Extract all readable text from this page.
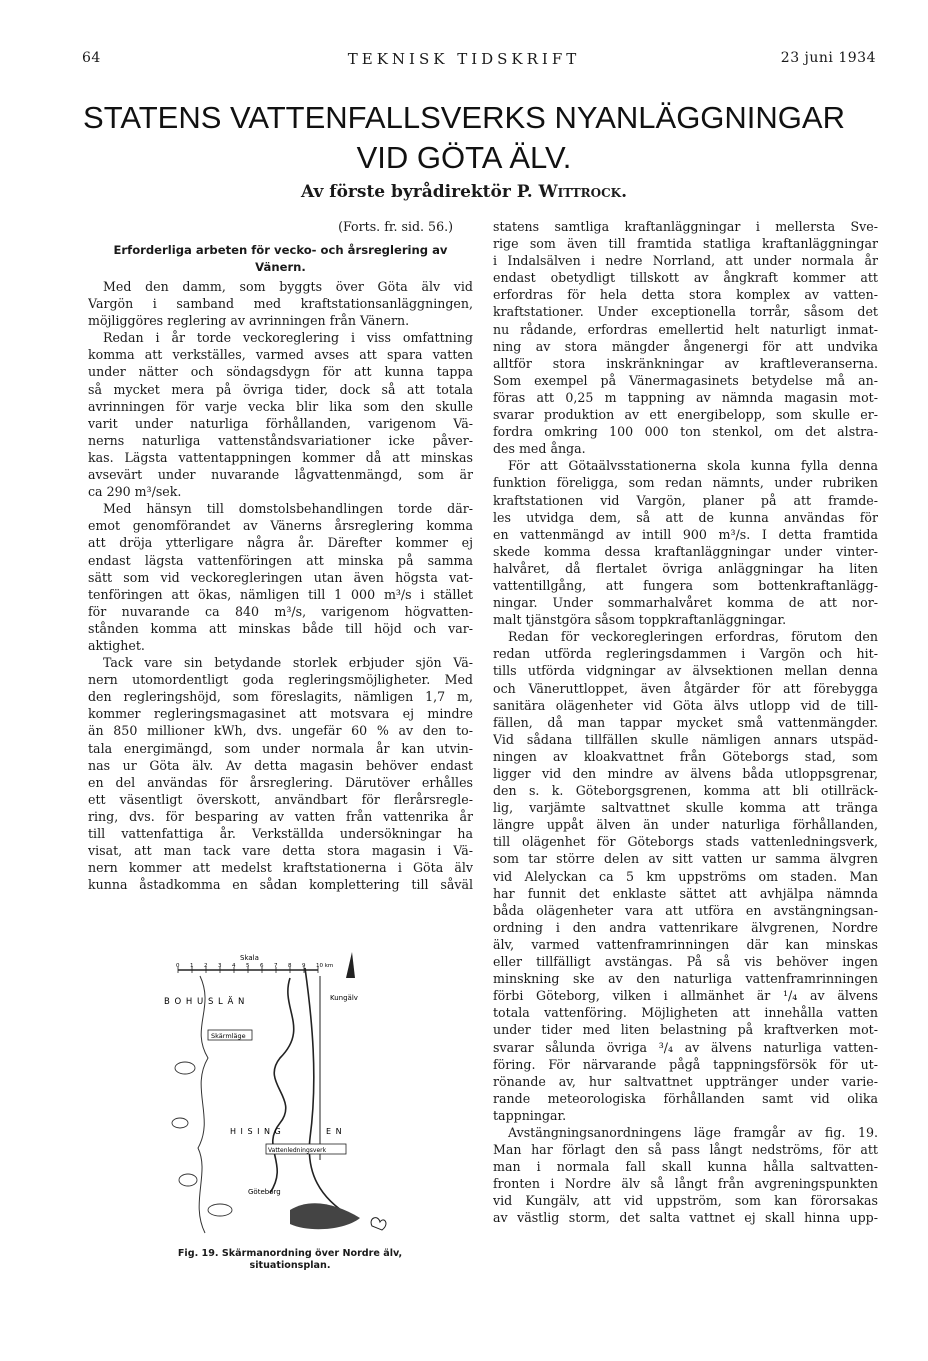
64	TEKNISK TIDSKRIFT	23 juni 1934
STATENS VATTENFALLSVERKS NYANLÄGGNINGAR
VID GÖTA ÄLV.
Av förste byrådirektör P. Wittrock.
(Forts. fr. sid. 56.)
Erforderliga arbeten för vecko- och årsreglering av Vänern.
Med den damm, som byggts över Göta älv vid
Vargön i samband med kraftstationsanläggningen,
möjliggöres reglering av avrinningen från Vänern.
Redan i år torde veckoreglering i viss omfattning
komma att verkställes, varmed avses att spara vatten
under nätter och söndagsdygn för att kunna tappa
så mycket mera på övriga tider, dock så att totala
avrinningen för varje vecka blir lika som den skulle
varit under naturliga förhållanden, varigenom Vä-
nerns naturliga vattenståndsvariationer icke påver-
kas. Lägsta vattentappningen kommer då att minskas
avsevärt under nuvarande lågvattenmängd, som är
ca 290 m³/sek.
Med hänsyn till domstolsbehandlingen torde där-
emot genomförandet av Vänerns årsreglering komma
att dröja ytterligare några år. Därefter kommer ej
endast lägsta vattenföringen att minska på samma
sätt som vid veckoregleringen utan även högsta vat-
tenföringen att ökas, nämligen till 1 000 m³/s i stället
för nuvarande ca 840 m³/s, varigenom högvatten-
stånden komma att minskas både till höjd och var-
aktighet.
Tack vare sin betydande storlek erbjuder sjön Vä-
nern utomordentligt goda regleringsmöjligheter. Med
den regleringshöjd, som föreslagits, nämligen 1,7 m,
kommer regleringsmagasinet att motsvara ej mindre
än 850 millioner kWh, dvs. ungefär 60 % av den to-
tala energimängd, som under normala år kan utvin-
nas ur Göta älv. Av detta magasin behöver endast
en del användas för årsreglering. Därutöver erhålles
ett väsentligt överskott, användbart för flerårsregle-
ring, dvs. för besparing av vatten från vattenrika år
till vattenfattiga år. Verkställda undersökningar ha
visat, att man tack vare detta stora magasin i Vä-
nern kommer att medelst kraftstationerna i Göta älv
kunna åstadkomma en sådan komplettering till såväl
statens samtliga kraftanläggningar i mellersta Sve-
rige som även till framtida statliga kraftanläggningar
i Indalsälven i nedre Norrland, att under normala år
endast obetydligt tillskott av ångkraft kommer att
erfordras för hela detta stora komplex av vatten-
kraftstationer. Under exceptionella torrår, såsom det
nu rådande, erfordras emellertid helt naturligt inmat-
ning av stora mängder ångenergi för att undvika
alltför stora inskränkningar av kraftleveranserna.
Som exempel på Vänermagasinets betydelse må an-
föras att 0,25 m tappning av nämnda magasin mot-
svarar produktion av ett energibelopp, som skulle er-
fordra omkring 100 000 ton stenkol, om det alstra-
des med ånga.
För att Götaälvsstationerna skola kunna fylla denna
funktion föreligga, som redan nämnts, under rubriken
kraftstationen vid Vargön, planer på att framde-
les utvidga dem, så att de kunna användas för
en vattenmängd av intill 900 m³/s. I detta framtida
skede komma dessa kraftanläggningar under vinter-
halvåret, då flertalet övriga anläggningar ha liten
vattentillgång, att fungera som bottenkraftanlägg-
ningar. Under sommarhalvåret komma de att nor-
malt tjänstgöra såsom toppkraftanläggningar.
Redan för veckoregleringen erfordras, förutom den
redan utförda regleringsdammen i Vargön och hit-
tills utförda vidgningar av älvsektionen mellan denna
och Väneruttloppet, även åtgärder för att förebygga
sanitära olägenheter vid Göta älvs utlopp vid de till-
fällen, då man tappar mycket små vattenmängder.
Vid sådana tillfällen skulle nämligen annars utspäd-
ningen av kloakvattnet från Göteborgs stad, som
ligger vid den mindre av älvens båda utloppsgrenar,
den s. k. Göteborgsgrenen, komma att bli otillräck-
lig, varjämte saltvattnet skulle komma att tränga
längre uppåt älven än under naturliga förhållanden,
till olägenhet för Göteborgs stads vattenledningsverk,
som tar större delen av sitt vatten ur samma älvgren
vid Alelyckan ca 5 km uppströms om staden. Man
har funnit det enklaste sättet att avhjälpa nämnda
båda olägenheter vara att utföra en avstängningsan-
ordning i den andra vattenrikare älvgrenen, Nordre
älv, varmed vattenframrinningen där kan minskas
eller tillfälligt avstängas. På så vis behöver ingen
minskning ske av den naturliga vattenframrinningen
förbi Göteborg, vilken i allmänhet är ¹/₄ av älvens
totala vattenföring. Möjligheten att innehålla vatten
under tider med liten belastning på kraftverken mot-
svarar sålunda övriga ³/₄ av älvens naturliga vatten-
föring. För närvarande pågå tappningsförsök för ut-
rönande av, hur saltvattnet upptränger under varie-
rande meteorologiska förhållanden samt vid olika
tappningar.
Avstängningsanordningens läge framgår av fig. 19.
Man har förlagt den så pass långt nedströms, för att
man i normala fall skall kunna hålla saltvatten-
fronten i Nordre älv så långt från avgreningspunkten
vid Kungälv, att vid uppström, som kan förorsakas
av västlig storm, det salta vattnet ej skall hinna upp-
Skala
0 1 2 3 4 5 6 7 8 9 10 km
B O H U S L Ä N	Kungälv
Skärmläge
H I S I N G	E N
Vattenledningsverk
Göteborg
Fig. 19. Skärmanordning över Nordre älv,
situationsplan.
